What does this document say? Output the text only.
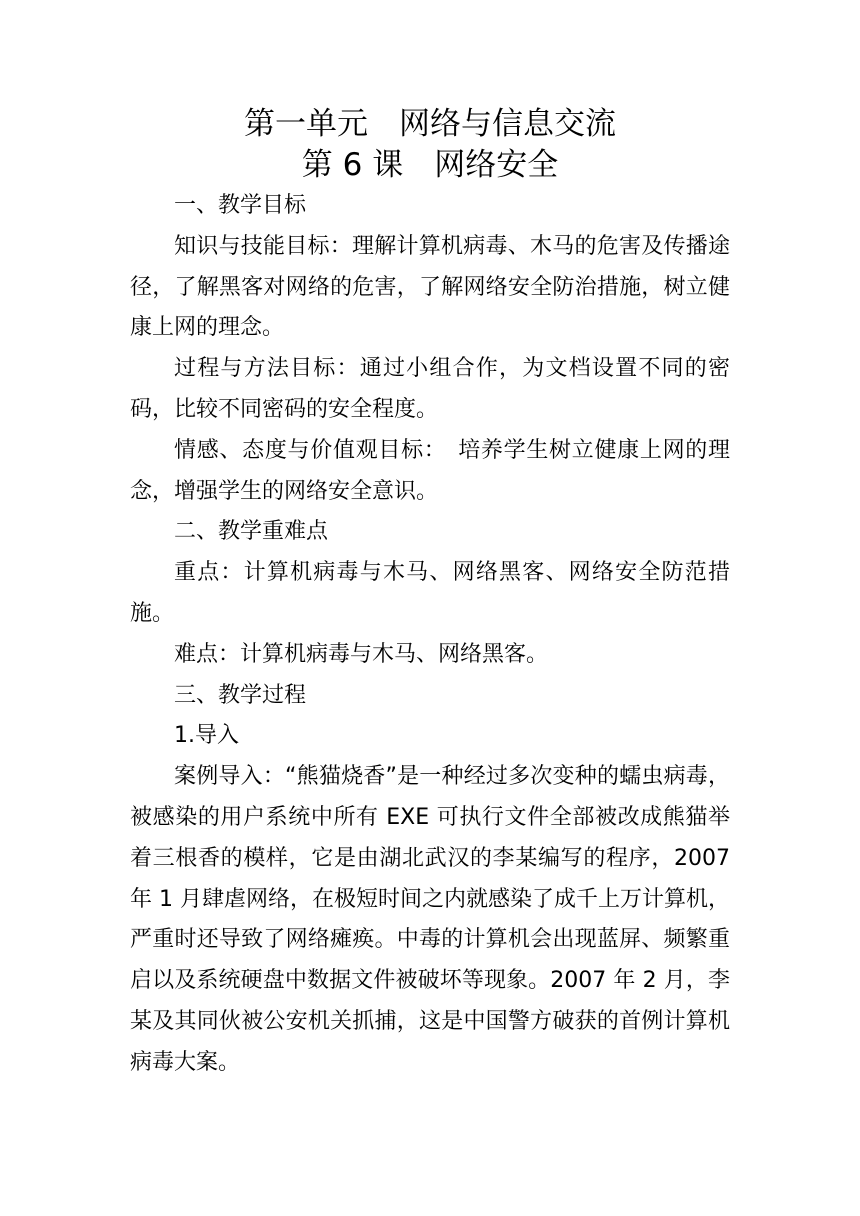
第一单元 网络与信息交流
第 6 课 网络安全

一、教学目标

知识与技能目标：理解计算机病毒、木马的危害及传播途径，了解黑客对网络的危害，了解网络安全防治措施，树立健康上网的理念。

过程与方法目标：通过小组合作，为文档设置不同的密码，比较不同密码的安全程度。

情感、态度与价值观目标：　培养学生树立健康上网的理念，增强学生的网络安全意识。

二、教学重难点

重点：计算机病毒与木马、网络黑客、网络安全防范措施。

难点：计算机病毒与木马、网络黑客。

三、教学过程

1.导入

案例导入：“熊猫烧香”是一种经过多次变种的蠕虫病毒，被感染的用户系统中所有 EXE 可执行文件全部被改成熊猫举着三根香的模样，它是由湖北武汉的李某编写的程序，2007 年 1 月肆虐网络，在极短时间之内就感染了成千上万计算机，严重时还导致了网络瘫痪。中毒的计算机会出现蓝屏、频繁重启以及系统硬盘中数据文件被破坏等现象。2007 年 2 月，李某及其同伙被公安机关抓捕，这是中国警方破获的首例计算机病毒大案。
